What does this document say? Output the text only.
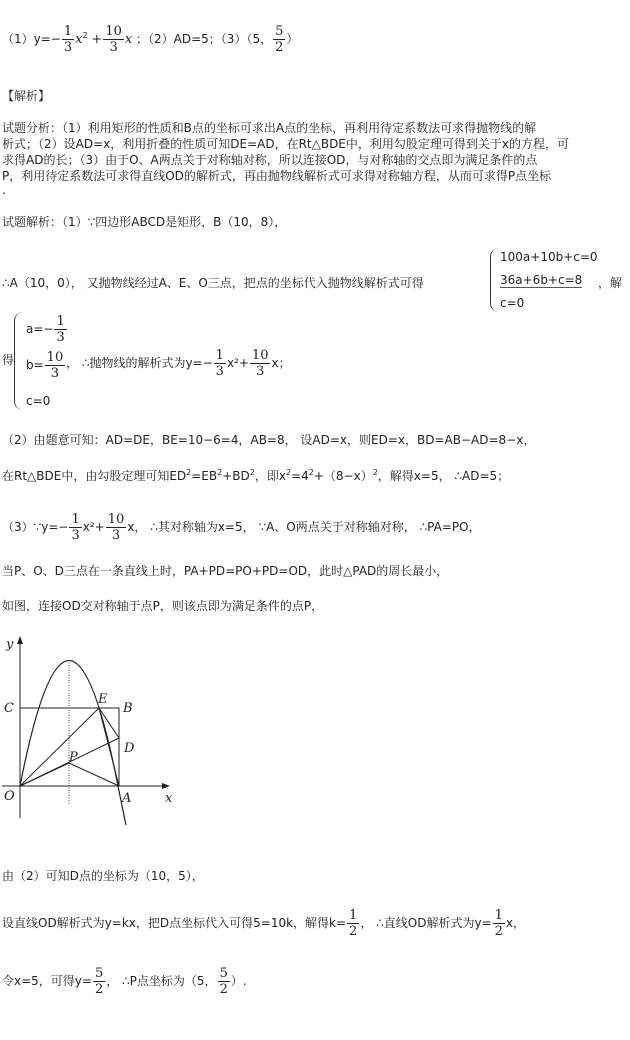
$(1)y=- \frac{1}{3} x^2 + \frac{10}{3}$ x ；（2）AD=5；（3）（5， $\frac{5}{2}$ ）
【解析】
试题分析：（1）利用矩形的性质和B点的坐标可求出A点的坐标，再利用待定系数法可求得抛物线的解
析式；（2）设AD=x，利用折叠的性质可知DE=AD，在Rt△BDE中，利用勾股定理可得到关于x的方程，可
求得AD的长；（3）由于O、A两点关于对称轴对称，所以连接OD，与对称轴的交点即为满足条件的点
P，利用待定系数法可求得直线OD的解析式，再由抛物线解析式可求得对称轴方程，从而可求得P点坐标
.
试题解析：（1）∵四边形ABCD是矩形，B（10，8），
∴A（10，0）， 又抛物线经过A、E、O三点，把点的坐标代入抛物线解析式可得
100a+10b+c=0
36a+6b+c=8
c=0
，解
得
$a=- \frac{1}{3}$
$b= \frac{10}{3}$
c=0
， ∴抛物线的解析式为$y=- \frac{1}{3} x^2+ \frac{10}{3}$ x；
（2）由题意可知：AD=DE，BE=10−6=4，AB=8， 设AD=x，则ED=x，BD=AB−AD=8−x，
在Rt△BDE中，由勾股定理可知$ED^2=EB^2+BD^2$，即$x^2=4^2+(8-x)^2$，解得x=5， ∴AD=5；
（3）∵y=− $\frac{1}{3} x^2+ \frac{10}{3}$ x， ∴其对称轴为x=5， ∵A、O两点关于对称轴对称， ∴PA=PO，
当P、O、D三点在一条直线上时，PA+PD=PO+PD=OD，此时△PAD的周长最小，
如图，连接OD交对称轴于点P，则该点即为满足条件的点P，
y
x
O
C
E
B
D
P
A
由（2）可知D点的坐标为（10，5），
设直线OD解析式为y=kx，把D点坐标代入可得5=10k，解得$k= \frac{1}{2}$ ， ∴直线OD解析式为$y= \frac{1}{2}$ x，
令x=5，可得$y= \frac{5}{2}$ ， ∴P点坐标为（5， $\frac{5}{2}$ ）.
